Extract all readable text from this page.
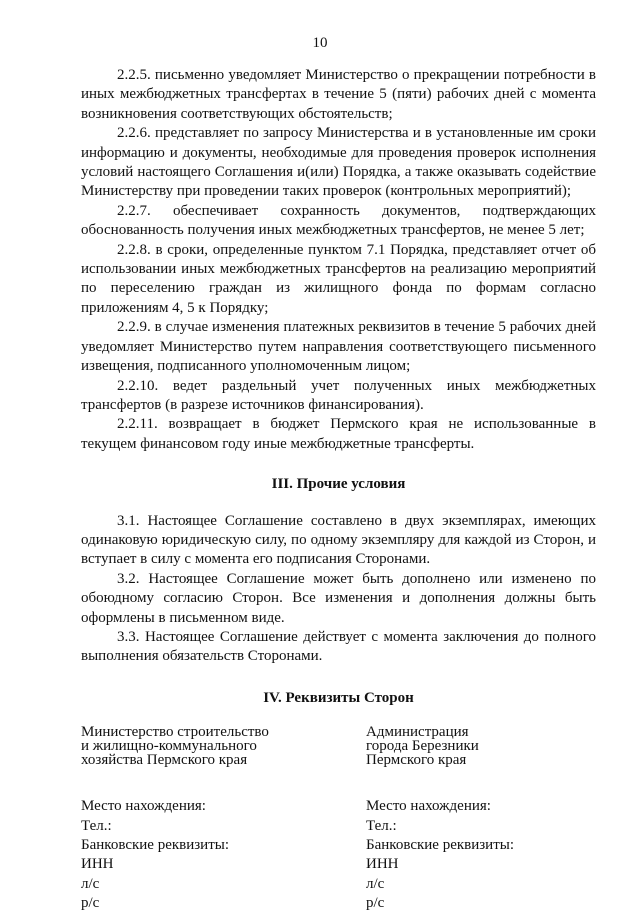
10

2.2.5. письменно уведомляет Министерство о прекращении потребности в иных межбюджетных трансфертах в течение 5 (пяти) рабочих дней с момента возникновения соответствующих обстоятельств;

2.2.6. представляет по запросу Министерства и в установленные им сроки информацию и документы, необходимые для проведения проверок исполнения условий настоящего Соглашения и(или) Порядка, а также оказывать содействие Министерству при проведении таких проверок (контрольных мероприятий);

2.2.7. обеспечивает сохранность документов, подтверждающих обоснованность получения иных межбюджетных трансфертов, не менее 5 лет;

2.2.8. в сроки, определенные пунктом 7.1 Порядка, представляет отчет об использовании иных межбюджетных трансфертов на реализацию мероприятий по переселению граждан из жилищного фонда по формам согласно приложениям 4, 5 к Порядку;

2.2.9. в случае изменения платежных реквизитов в течение 5 рабочих дней уведомляет Министерство путем направления соответствующего письменного извещения, подписанного уполномоченным лицом;

2.2.10. ведет раздельный учет полученных иных межбюджетных трансфертов (в разрезе источников финансирования).

2.2.11. возвращает в бюджет Пермского края не использованные в текущем финансовом году иные межбюджетные трансферты.

III. Прочие условия

3.1. Настоящее Соглашение составлено в двух экземплярах, имеющих одинаковую юридическую силу, по одному экземпляру для каждой из Сторон, и вступает в силу с момента его подписания Сторонами.

3.2. Настоящее Соглашение может быть дополнено или изменено по обоюдному согласию Сторон. Все изменения и дополнения должны быть оформлены в письменном виде.

3.3. Настоящее Соглашение действует с момента заключения до полного выполнения обязательств Сторонами.

IV. Реквизиты Сторон

Министерство строительство
и жилищно-коммунального
хозяйства Пермского края
Место нахождения:
Тел.:
Банковские реквизиты:
ИНН
л/с
р/с
Администрация
города Березники
Пермского края
Место нахождения:
Тел.:
Банковские реквизиты:
ИНН
л/с
р/с
